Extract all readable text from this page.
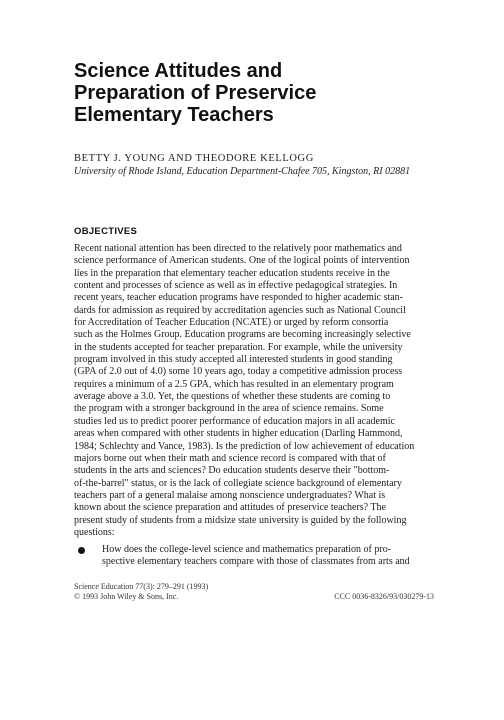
Science Attitudes and
Preparation of Preservice
Elementary Teachers
BETTY J. YOUNG AND THEODORE KELLOGG
University of Rhode Island, Education Department-Chafee 705, Kingston, RI 02881
OBJECTIVES
Recent national attention has been directed to the relatively poor mathematics and
science performance of American students. One of the logical points of intervention
lies in the preparation that elementary teacher education students receive in the
content and processes of science as well as in effective pedagogical strategies. In
recent years, teacher education programs have responded to higher academic stan-
dards for admission as required by accreditation agencies such as National Council
for Accreditation of Teacher Education (NCATE) or urged by reform consortia
such as the Holmes Group. Education programs are becoming increasingly selective
in the students accepted for teacher preparation. For example, while the university
program involved in this study accepted all interested students in good standing
(GPA of 2.0 out of 4.0) some 10 years ago, today a competitive admission process
requires a minimum of a 2.5 GPA, which has resulted in an elementary program
average above a 3.0. Yet, the questions of whether these students are coming to
the program with a stronger background in the area of science remains. Some
studies led us to predict poorer performance of education majors in all academic
areas when compared with other students in higher education (Darling Hammond,
1984; Schlechty and Vance, 1983). Is the prediction of low achievement of education
majors borne out when their math and science record is compared with that of
students in the arts and sciences? Do education students deserve their "bottom-
of-the-barrel" status, or is the lack of collegiate science background of elementary
teachers part of a general malaise among nonscience undergraduates? What is
known about the science preparation and attitudes of preservice teachers? The
present study of students from a midsize state university is guided by the following
questions:
How does the college-level science and mathematics preparation of pro-
spective elementary teachers compare with those of classmates from arts and
Science Education 77(3): 279–291 (1993)
© 1993 John Wiley & Sons, Inc.	CCC 0036-8326/93/030279-13
